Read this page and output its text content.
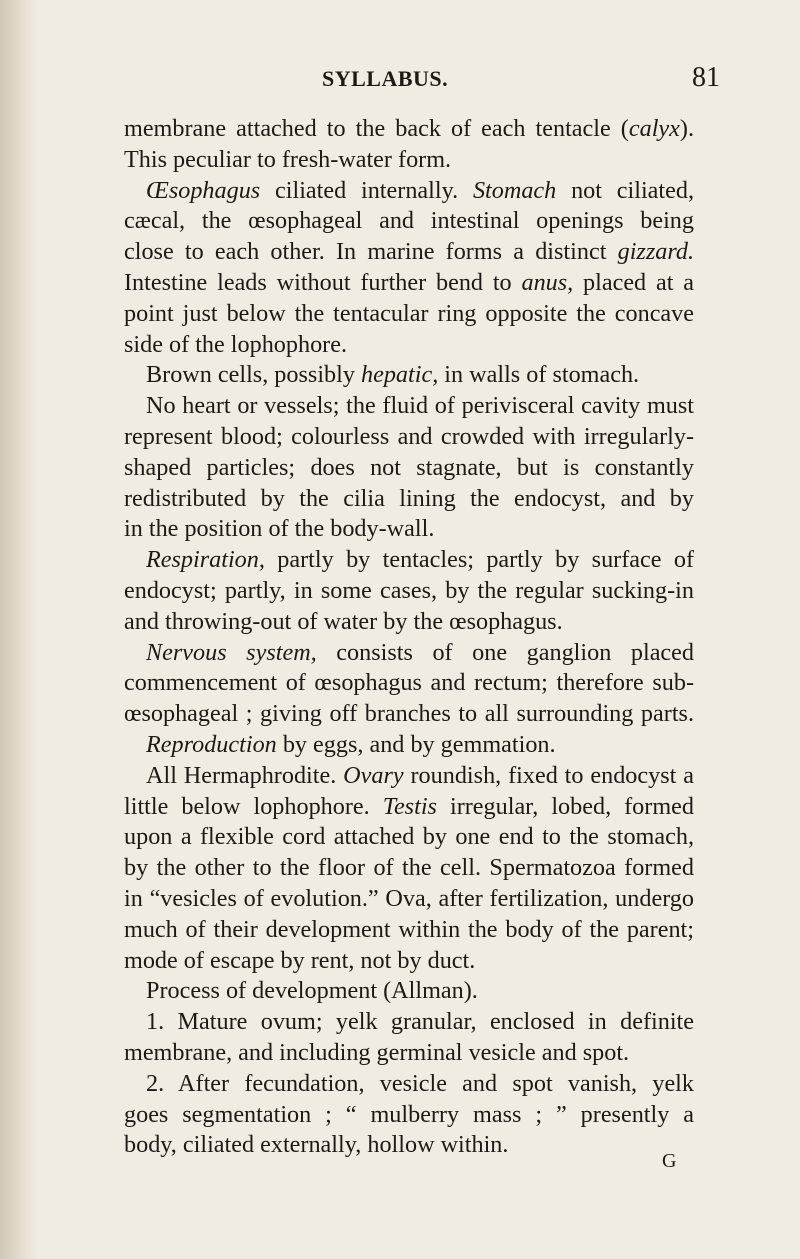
SYLLABUS.	81
membrane attached to the back of each tentacle (calyx).
This peculiar to fresh-water form.
Œsophagus ciliated internally. Stomach not ciliated,
cæcal, the œsophageal and intestinal openings being
close to each other. In marine forms a distinct gizzard.
Intestine leads without further bend to anus, placed at a
point just below the tentacular ring opposite the concave
side of the lophophore.
Brown cells, possibly hepatic, in walls of stomach.
No heart or vessels; the fluid of perivisceral cavity must
represent blood; colourless and crowded with irregularly-
shaped particles; does not stagnate, but is constantly
redistributed by the cilia lining the endocyst, and by
in the position of the body-wall.
Respiration, partly by tentacles; partly by surface of
endocyst; partly, in some cases, by the regular sucking-in
and throwing-out of water by the œsophagus.
Nervous system, consists of one ganglion placed
commencement of œsophagus and rectum; therefore sub-
œsophageal ; giving off branches to all surrounding parts.
Reproduction by eggs, and by gemmation.
All Hermaphrodite. Ovary roundish, fixed to endocyst a
little below lophophore. Testis irregular, lobed, formed
upon a flexible cord attached by one end to the stomach,
by the other to the floor of the cell. Spermatozoa formed
in “vesicles of evolution.” Ova, after fertilization, undergo
much of their development within the body of the parent;
mode of escape by rent, not by duct.
Process of development (Allman).
1. Mature ovum; yelk granular, enclosed in definite
membrane, and including germinal vesicle and spot.
2. After fecundation, vesicle and spot vanish, yelk
goes segmentation ; “ mulberry mass ; ” presently a
body, ciliated externally, hollow within.
G
